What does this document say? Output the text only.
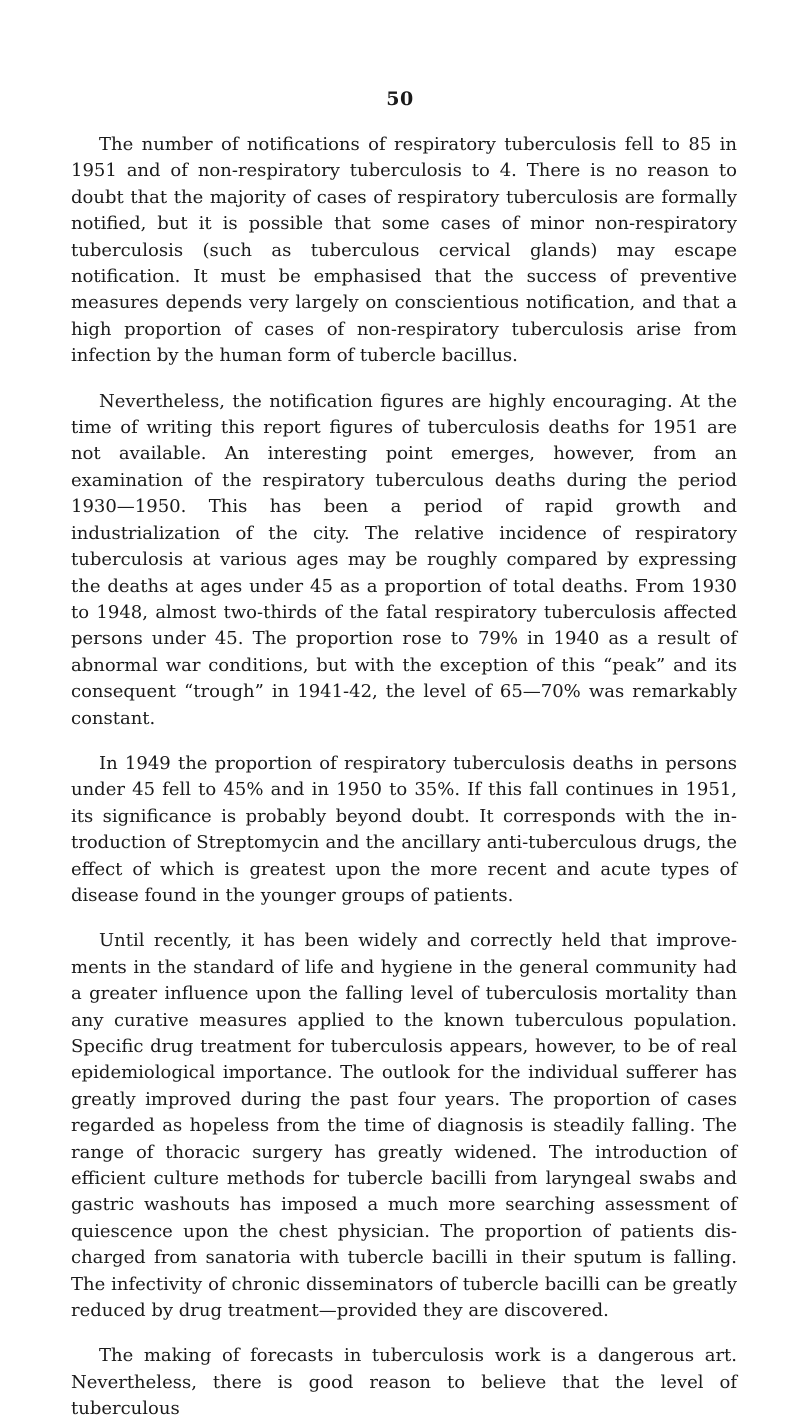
50

The number of notifications of respiratory tuberculosis fell to 85 in 1951 and of non-respiratory tuberculosis to 4. There is no reason to doubt that the majority of cases of respiratory tuberculosis are formally notified, but it is possible that some cases of minor non-respiratory tuberculosis (such as tuberculous cervical glands) may escape notification. It must be emphasised that the success of preventive measures depends very largely on conscientious notification, and that a high proportion of cases of non-respiratory tuberculosis arise from infection by the human form of tubercle bacillus.

Nevertheless, the notification figures are highly encouraging. At the time of writing this report figures of tuberculosis deaths for 1951 are not available. An interesting point emerges, however, from an examination of the respiratory tuberculous deaths during the period 1930—1950. This has been a period of rapid growth and industrialization of the city. The relative incidence of respiratory tuberculosis at various ages may be roughly compared by expressing the deaths at ages under 45 as a proportion of total deaths. From 1930 to 1948, almost two-thirds of the fatal respiratory tuberculosis affected persons under 45. The proportion rose to 79% in 1940 as a result of abnormal war conditions, but with the exception of this “peak” and its consequent “trough” in 1941-42, the level of 65—70% was remarkably constant.

In 1949 the proportion of respiratory tuberculosis deaths in persons under 45 fell to 45% and in 1950 to 35%. If this fall continues in 1951, its significance is probably beyond doubt. It corresponds with the introduction of Streptomycin and the ancillary anti-tuberculous drugs, the effect of which is greatest upon the more recent and acute types of disease found in the younger groups of patients.

Until recently, it has been widely and correctly held that improvements in the standard of life and hygiene in the general community had a greater influence upon the falling level of tuberculosis mortality than any curative measures applied to the known tuberculous population. Specific drug treatment for tuberculosis appears, however, to be of real epidemiological importance. The outlook for the individual sufferer has greatly improved during the past four years. The proportion of cases regarded as hopeless from the time of diagnosis is steadily falling. The range of thoracic surgery has greatly widened. The introduction of efficient culture methods for tubercle bacilli from laryngeal swabs and gastric washouts has imposed a much more searching assessment of quiescence upon the chest physician. The proportion of patients discharged from sanatoria with tubercle bacilli in their sputum is falling. The infectivity of chronic disseminators of tubercle bacilli can be greatly reduced by drug treatment—provided they are discovered.

The making of forecasts in tuberculosis work is a dangerous art. Nevertheless, there is good reason to believe that the level of tuberculous
